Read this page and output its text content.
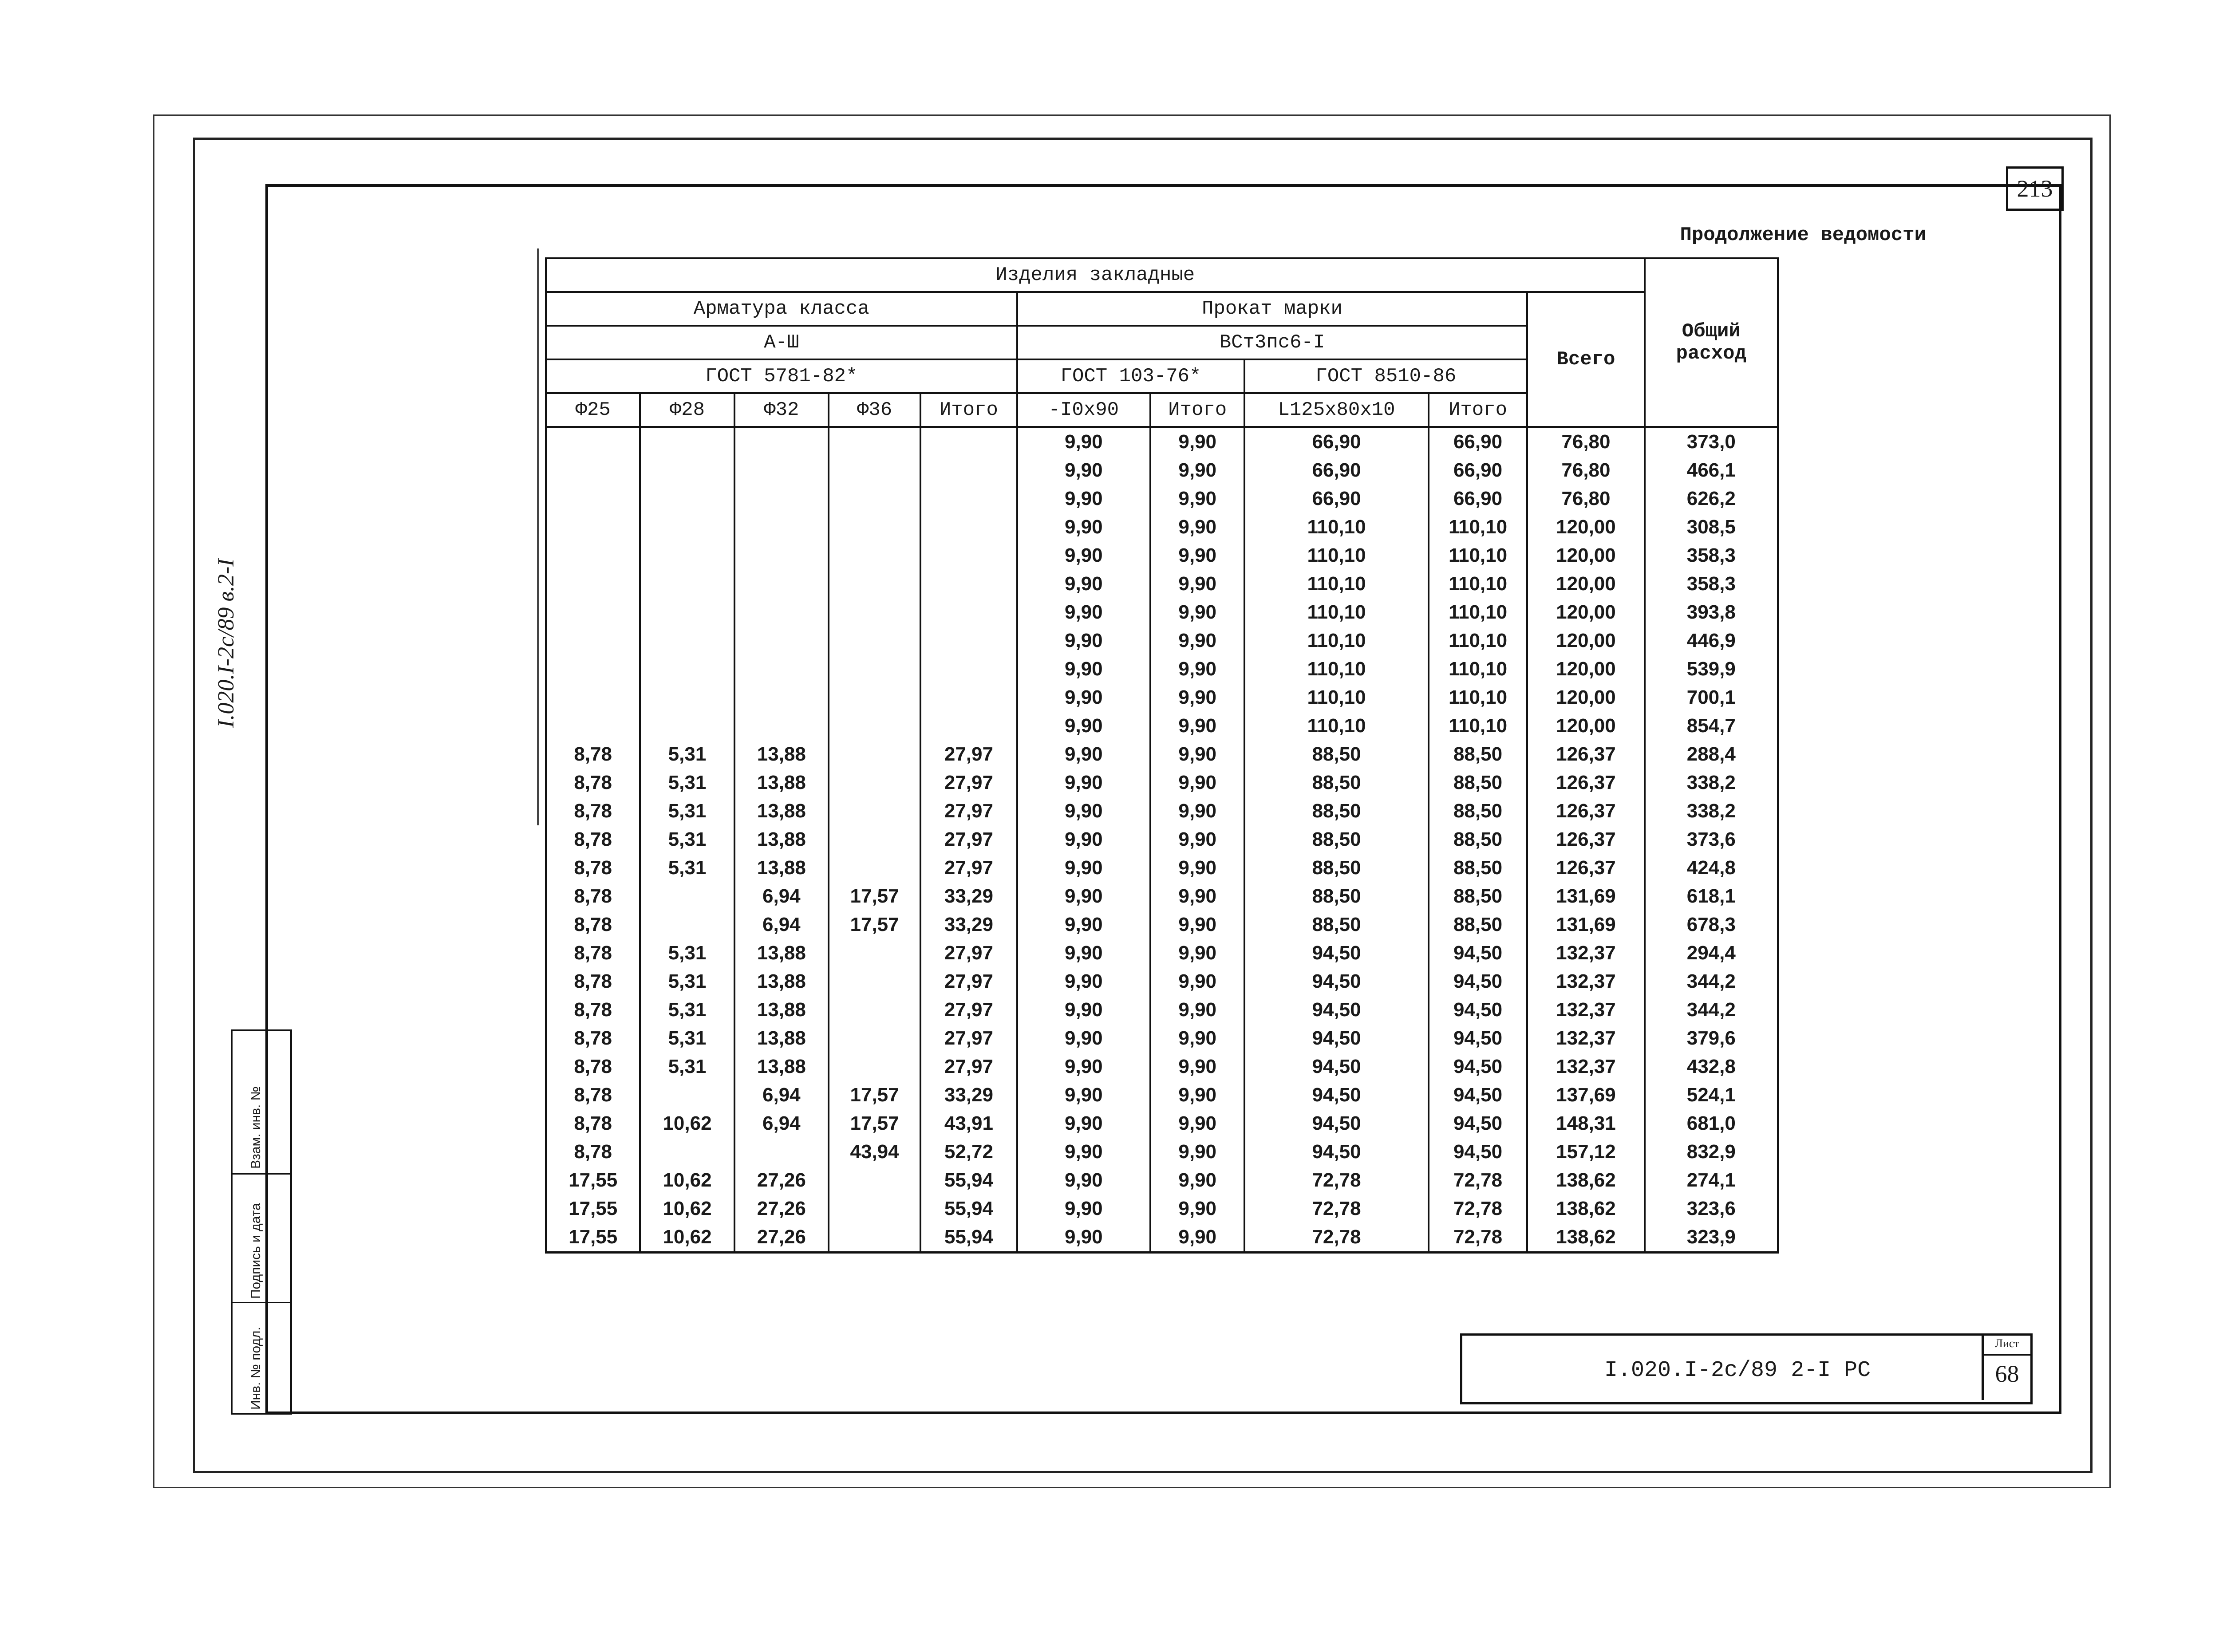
I.020.I-2с/89 в.2-I
Взам. инв. №
Подпись и дата
Инв. № подл.
213
Продолжение ведомости
Изделия закладные										Общий расход
Арматура класса					Прокат марки				Всего	
А-Ш					ВСт3пс6-I					
ГОСТ 5781-82*					ГОСТ 103-76*		ГОСТ 8510-86			
Φ25	Φ28	Φ32	Φ36	Итого	-I0x90	Итого	L125x80x10	Итого		
					9,90	9,90	66,90	66,90	76,80	373,0
					9,90	9,90	66,90	66,90	76,80	466,1
					9,90	9,90	66,90	66,90	76,80	626,2
					9,90	9,90	110,10	110,10	120,00	308,5
					9,90	9,90	110,10	110,10	120,00	358,3
					9,90	9,90	110,10	110,10	120,00	358,3
					9,90	9,90	110,10	110,10	120,00	393,8
					9,90	9,90	110,10	110,10	120,00	446,9
					9,90	9,90	110,10	110,10	120,00	539,9
					9,90	9,90	110,10	110,10	120,00	700,1
					9,90	9,90	110,10	110,10	120,00	854,7
8,78	5,31	13,88		27,97	9,90	9,90	88,50	88,50	126,37	288,4
8,78	5,31	13,88		27,97	9,90	9,90	88,50	88,50	126,37	338,2
8,78	5,31	13,88		27,97	9,90	9,90	88,50	88,50	126,37	338,2
8,78	5,31	13,88		27,97	9,90	9,90	88,50	88,50	126,37	373,6
8,78	5,31	13,88		27,97	9,90	9,90	88,50	88,50	126,37	424,8
8,78		6,94	17,57	33,29	9,90	9,90	88,50	88,50	131,69	618,1
8,78		6,94	17,57	33,29	9,90	9,90	88,50	88,50	131,69	678,3
8,78	5,31	13,88		27,97	9,90	9,90	94,50	94,50	132,37	294,4
8,78	5,31	13,88		27,97	9,90	9,90	94,50	94,50	132,37	344,2
8,78	5,31	13,88		27,97	9,90	9,90	94,50	94,50	132,37	344,2
8,78	5,31	13,88		27,97	9,90	9,90	94,50	94,50	132,37	379,6
8,78	5,31	13,88		27,97	9,90	9,90	94,50	94,50	132,37	432,8
8,78		6,94	17,57	33,29	9,90	9,90	94,50	94,50	137,69	524,1
8,78	10,62	6,94	17,57	43,91	9,90	9,90	94,50	94,50	148,31	681,0
8,78			43,94	52,72	9,90	9,90	94,50	94,50	157,12	832,9
17,55	10,62	27,26		55,94	9,90	9,90	72,78	72,78	138,62	274,1
17,55	10,62	27,26		55,94	9,90	9,90	72,78	72,78	138,62	323,6
17,55	10,62	27,26		55,94	9,90	9,90	72,78	72,78	138,62	323,9
I.020.I-2с/89 2-I РС
Лист
68
